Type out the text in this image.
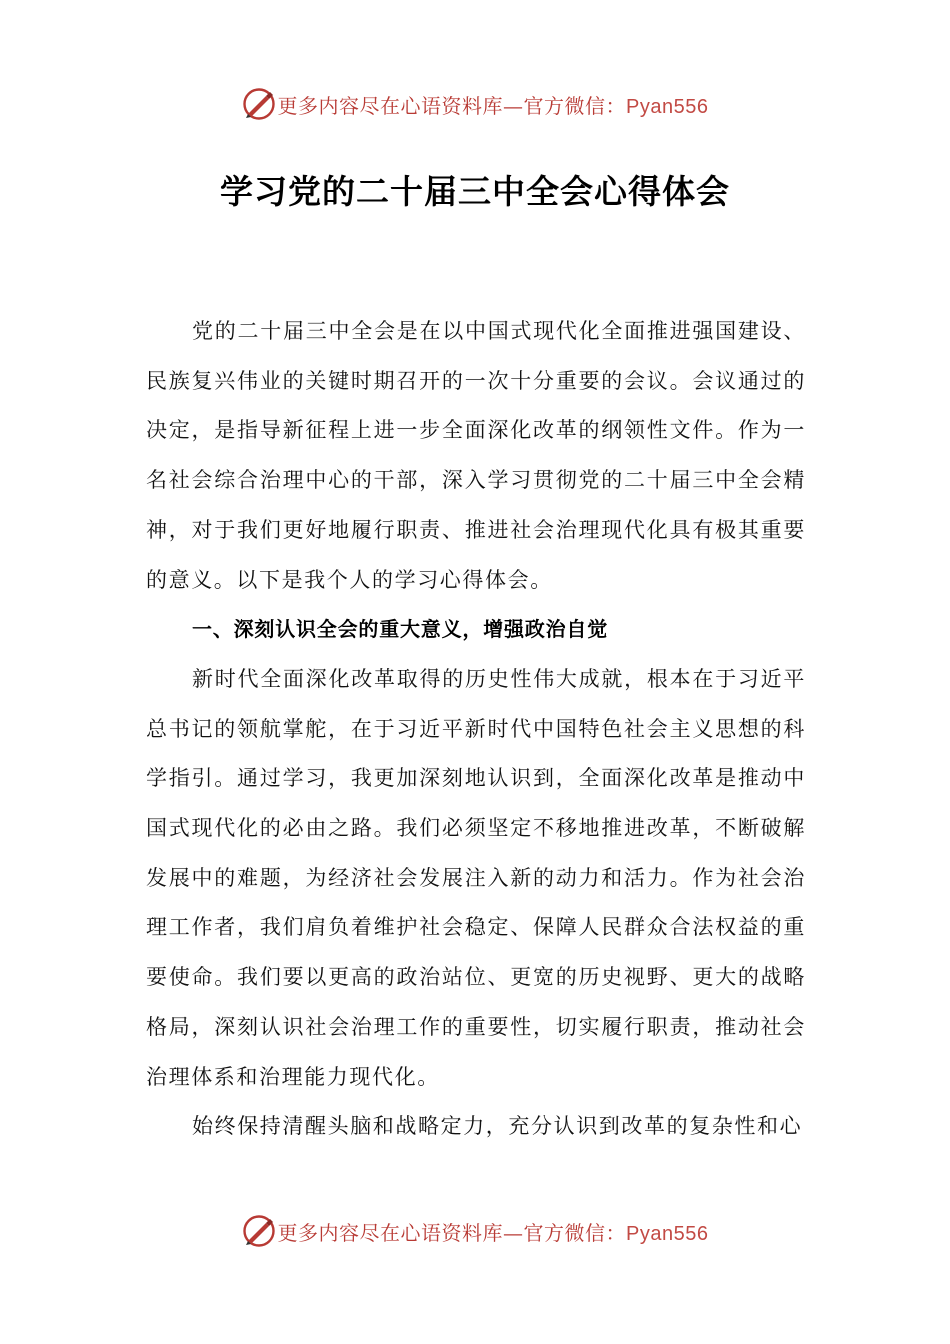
更多内容尽在心语资料库—官方微信：Pyan556
学习党的二十届三中全会心得体会

党的二十届三中全会是在以中国式现代化全面推进强国建设、民族复兴伟业的关键时期召开的一次十分重要的会议。会议通过的决定，是指导新征程上进一步全面深化改革的纲领性文件。作为一名社会综合治理中心的干部，深入学习贯彻党的二十届三中全会精神，对于我们更好地履行职责、推进社会治理现代化具有极其重要的意义。以下是我个人的学习心得体会。

一、深刻认识全会的重大意义，增强政治自觉

新时代全面深化改革取得的历史性伟大成就，根本在于习近平总书记的领航掌舵，在于习近平新时代中国特色社会主义思想的科学指引。通过学习，我更加深刻地认识到，全面深化改革是推动中国式现代化的必由之路。我们必须坚定不移地推进改革，不断破解发展中的难题，为经济社会发展注入新的动力和活力。作为社会治理工作者，我们肩负着维护社会稳定、保障人民群众合法权益的重要使命。我们要以更高的政治站位、更宽的历史视野、更大的战略格局，深刻认识社会治理工作的重要性，切实履行职责，推动社会治理体系和治理能力现代化。

始终保持清醒头脑和战略定力，充分认识到改革的复杂性和心

更多内容尽在心语资料库—官方微信：Pyan556
